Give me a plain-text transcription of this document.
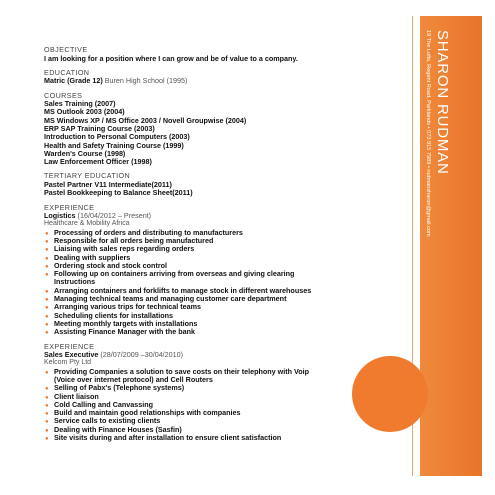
SHARON RUDMAN
19 The Lofts, Regent Road, Parklands • 073 915 7989 • rudmansharon@gmail.com

OBJECTIVE

I am looking for a position where I can grow and be of value to a company.

EDUCATION

Matric (Grade 12) Buren High School (1995)

COURSES

Sales Training (2007)

MS Outlook 2003 (2004)

MS Windows XP / MS Office 2003 / Novell Groupwise (2004)

ERP SAP Training Course (2003)

Introduction to Personal Computers (2003)

Health and Safety Training Course (1999)

Warden's Course (1998)

Law Enforcement Officer (1998)

TERTIARY EDUCATION

Pastel Partner V11 Intermediate(2011)

Pastel Bookkeeping to Balance Sheet(2011)

EXPERIENCE

Logistics (16/04/2012 – Present)

Healthcare & Mobility Africa

● Processing of orders and distributing to manufacturers
● Responsible for all orders being manufactured
● Liaising with sales reps regarding orders
● Dealing with suppliers
● Ordering stock and stock control
● Following up on containers arriving from overseas and giving clearing

Instructions

● Arranging containers and forklifts to manage stock in different warehouses
● Managing technical teams and managing customer care department
● Arranging various trips for technical teams
● Scheduling clients for installations
● Meeting monthly targets with installations
● Assisting Finance Manager with the bank

EXPERIENCE

Sales Executive (28/07/2009 –30/04/2010)

Kelcom Pty Ltd

● Providing Companies a solution to save costs on their telephony with Voip

(Voice over internet protocol) and Cell Routers

● Selling of Pabx's (Telephone systems)
● Client liaison
● Cold Calling and Canvassing
● Build and maintain good relationships with companies
● Service calls to existing clients
● Dealing with Finance Houses (Sasfin)
● Site visits during and after installation to ensure client satisfaction
